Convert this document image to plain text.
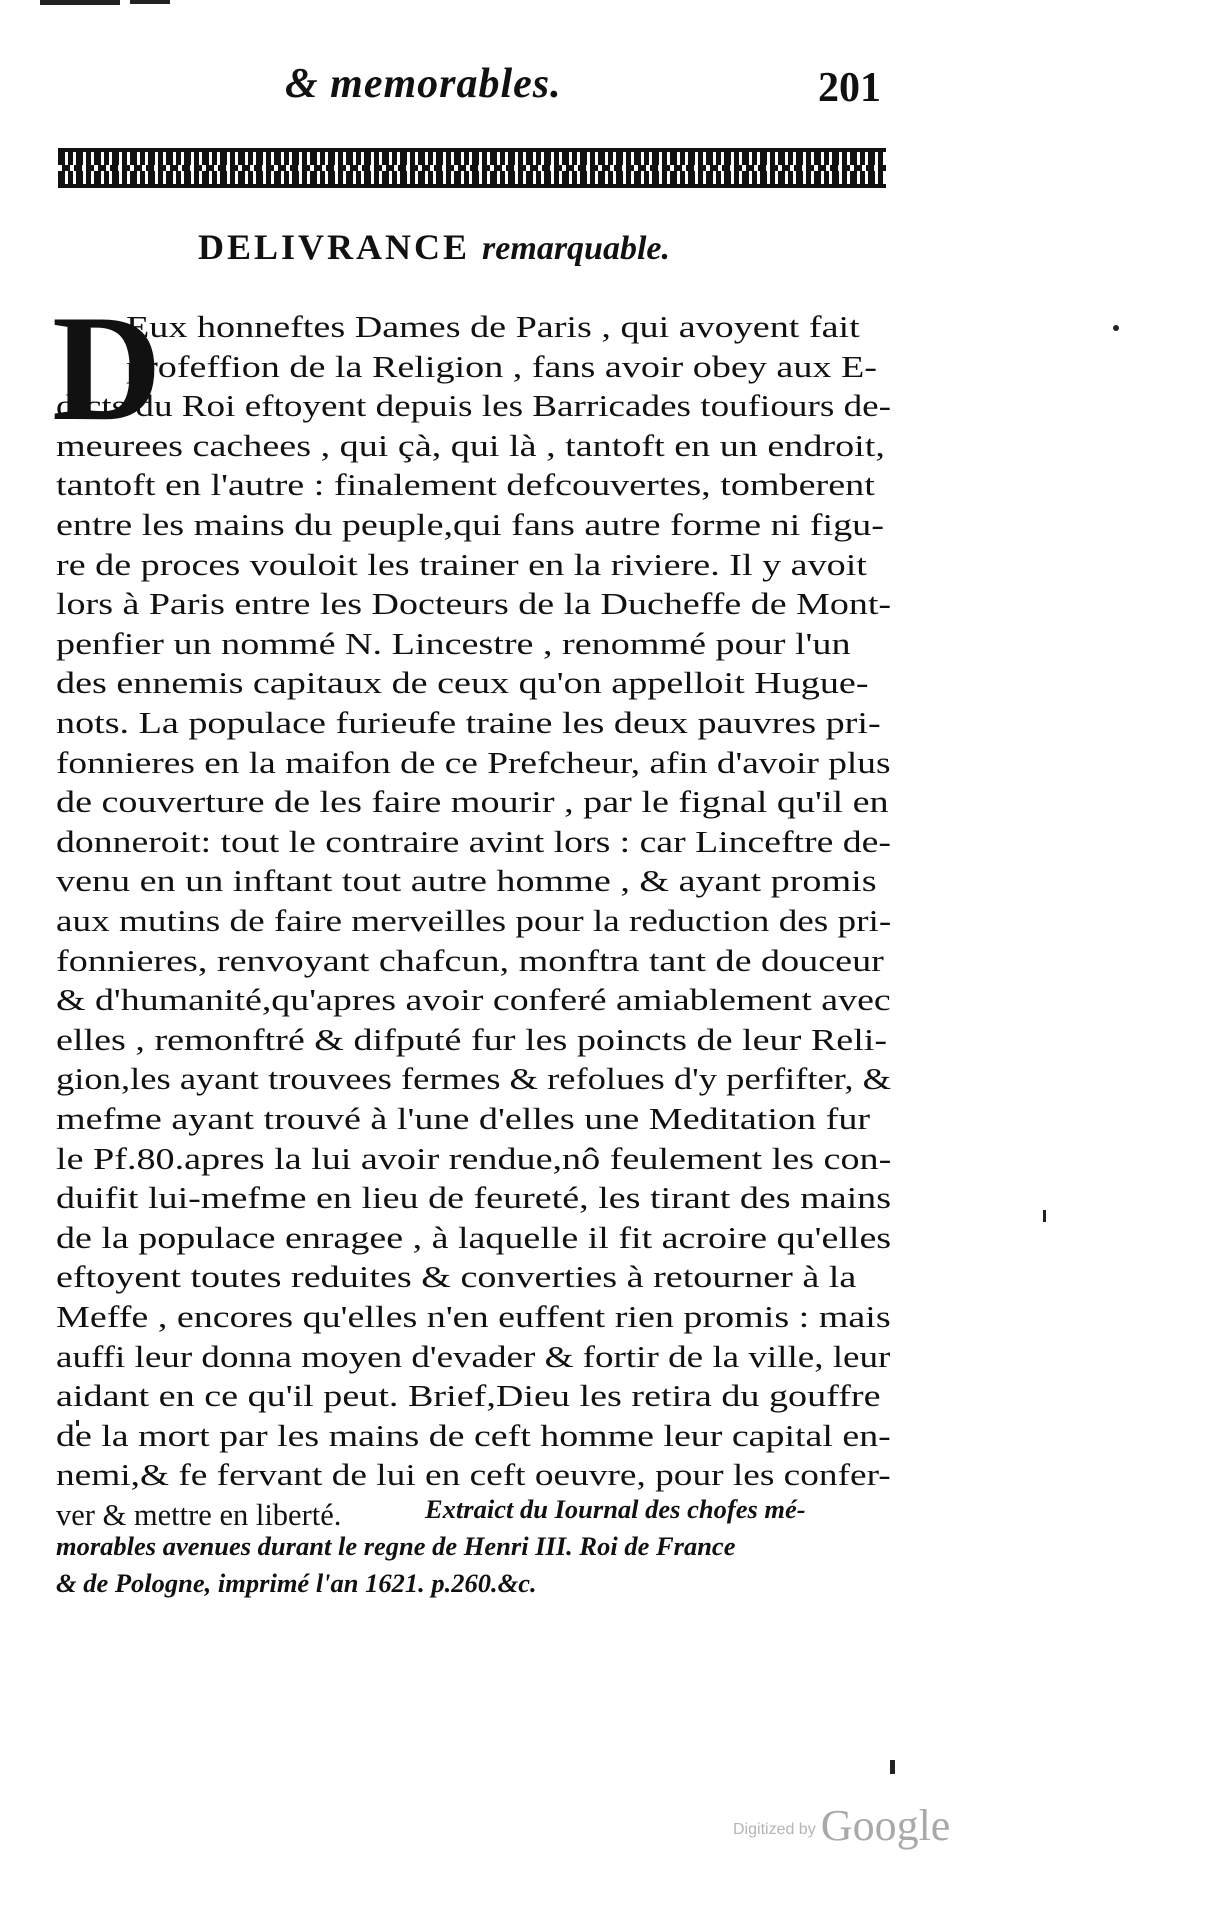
& memorables.	201
DELIVRANCE remarquable.
D
Eux honneftes Dames de Paris , qui avoyent fait
profeffion de la Religion , fans avoir obey aux E-
dicts du Roi eftoyent depuis les Barricades toufiours de-
meurees cachees , qui çà, qui là , tantoft en un endroit,
tantoft en l'autre : finalement defcouvertes, tomberent
entre les mains du peuple,qui fans autre forme ni figu-
re de proces vouloit les trainer en la riviere. Il y avoit
lors à Paris entre les Docteurs de la Ducheffe de Mont-
penfier un nommé N. Lincestre , renommé pour l'un
des ennemis capitaux de ceux qu'on appelloit Hugue-
nots. La populace furieufe traine les deux pauvres pri-
fonnieres en la maifon de ce Prefcheur, afin d'avoir plus
de couverture de les faire mourir , par le fignal qu'il en
donneroit: tout le contraire avint lors : car Linceftre de-
venu en un inftant tout autre homme , & ayant promis
aux mutins de faire merveilles pour la reduction des pri-
fonnieres, renvoyant chafcun, monftra tant de douceur
& d'humanité,qu'apres avoir conferé amiablement avec
elles , remonftré & difputé fur les poincts de leur Reli-
gion,les ayant trouvees fermes & refolues d'y perfifter, &
mefme ayant trouvé à l'une d'elles une Meditation fur
le Pf.80.apres la lui avoir rendue,nô feulement les con-
duifit lui-mefme en lieu de feureté, les tirant des mains
de la populace enragee , à laquelle il fit acroire qu'elles
eftoyent toutes reduites & converties à retourner à la
Meffe , encores qu'elles n'en euffent rien promis : mais
auffi leur donna moyen d'evader & fortir de la ville, leur
aidant en ce qu'il peut. Brief,Dieu les retira du gouffre
de la mort par les mains de ceft homme leur capital en-
nemi,& fe fervant de lui en ceft oeuvre, pour les confer-
ver & mettre en liberté.	Extraict du Iournal des chofes mé-
morables avenues durant le regne de Henri III. Roi de France
& de Pologne, imprimé l'an 1621. p.260.&c.
Digitized by Google
